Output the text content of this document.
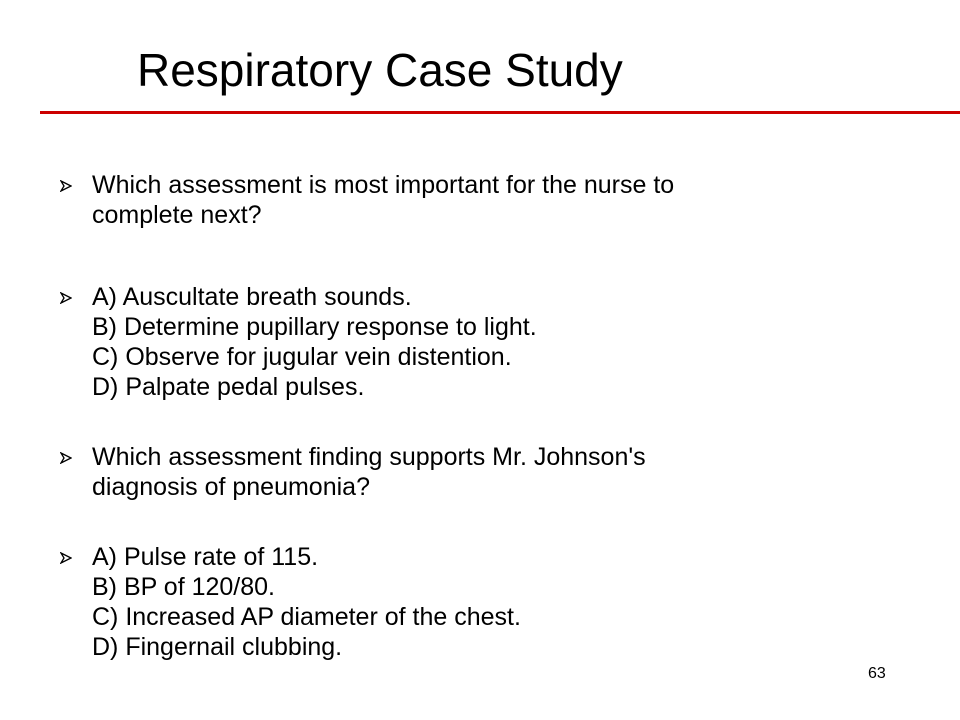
Respiratory Case Study
Which assessment is most important for the nurse to
complete next?
A) Auscultate breath sounds.
B) Determine pupillary response to light.
C) Observe for jugular vein distention.
D) Palpate pedal pulses.
Which assessment finding supports Mr. Johnson's
diagnosis of pneumonia?
A) Pulse rate of 115.
B) BP of 120/80.
C) Increased AP diameter of the chest.
D) Fingernail clubbing.
63
